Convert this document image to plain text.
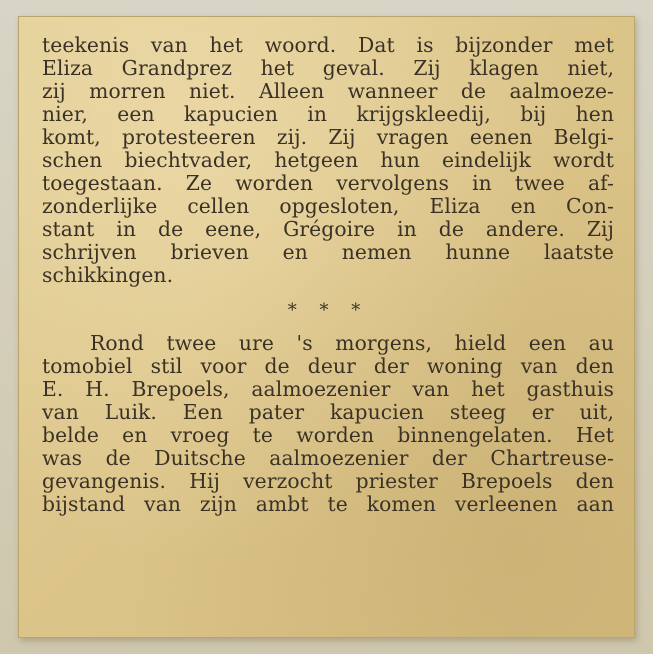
teekenis van het woord. Dat is bijzonder met
Eliza Grandprez het geval. Zij klagen niet,
zij morren niet. Alleen wanneer de aalmoeze-
nier, een kapucien in krijgskleedij, bij hen
komt, protesteeren zij. Zij vragen eenen Belgi-
schen biechtvader, hetgeen hun eindelijk wordt
toegestaan. Ze worden vervolgens in twee af-
zonderlijke cellen opgesloten, Eliza en Con-
stant in de eene, Grégoire in de andere. Zij
schrijven brieven en nemen hunne laatste
schikkingen.
* * *
Rond twee ure 's morgens, hield een au
tomobiel stil voor de deur der woning van den
E. H. Brepoels, aalmoezenier van het gasthuis
van Luik. Een pater kapucien steeg er uit,
belde en vroeg te worden binnengelaten. Het
was de Duitsche aalmoezenier der Chartreuse-
gevangenis. Hij verzocht priester Brepoels den
bijstand van zijn ambt te komen verleenen aan
